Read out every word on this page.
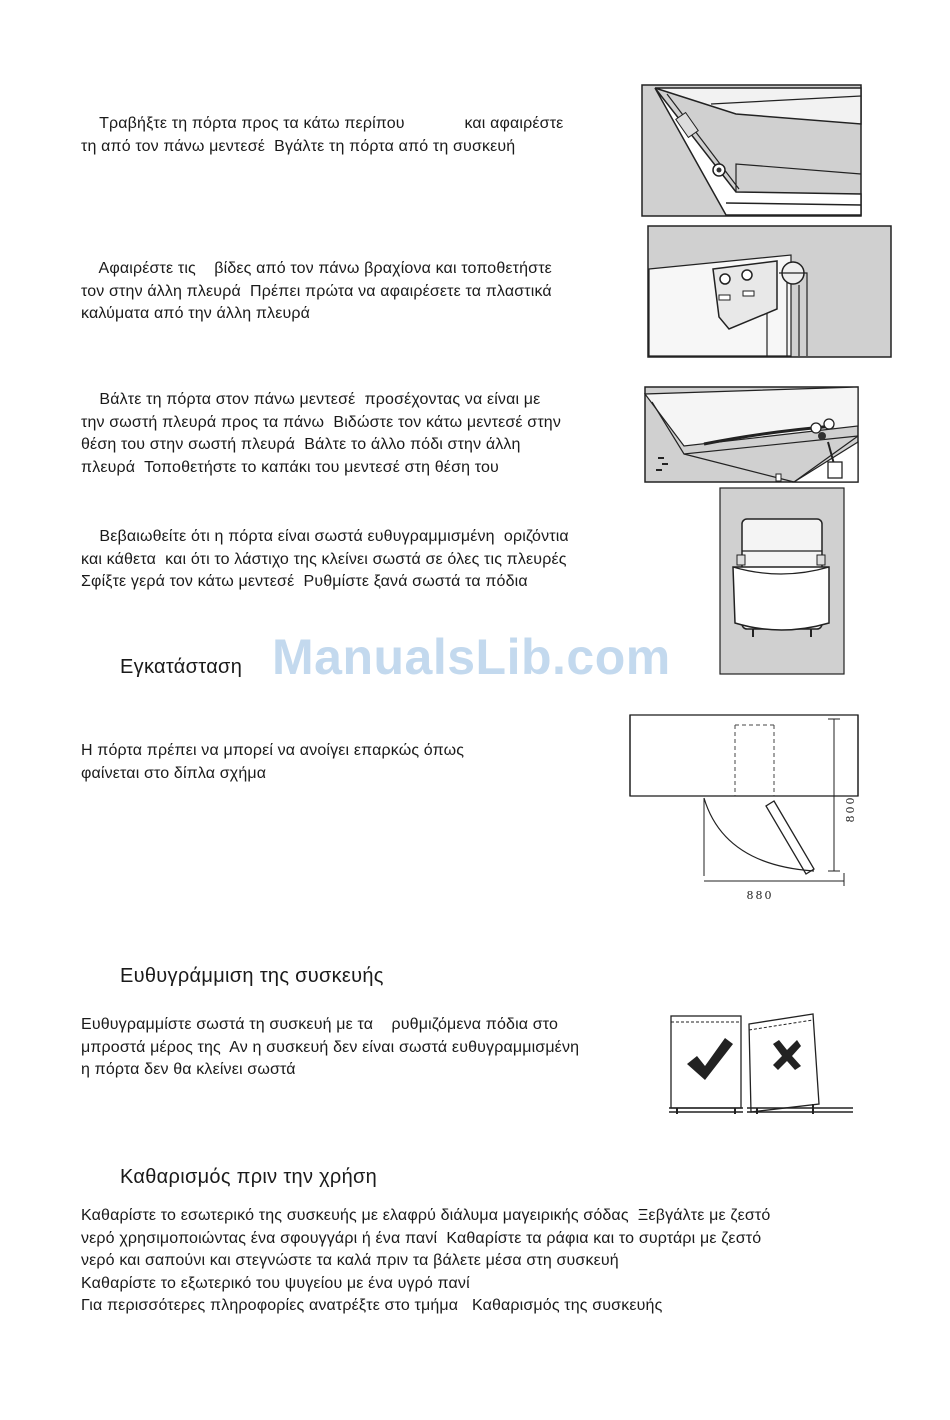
Τραβήξτε τη πόρτα προς τα κάτω περίπου             και αφαιρέστε
τη από τον πάνω μεντεσέ  Βγάλτε τη πόρτα από τη συσκευή
Αφαιρέστε τις    βίδες από τον πάνω βραχίονα και τοποθετήστε
τον στην άλλη πλευρά  Πρέπει πρώτα να αφαιρέσετε τα πλαστικά
καλύματα από την άλλη πλευρά
Βάλτε τη πόρτα στον πάνω μεντεσέ  προσέχοντας να είναι με
την σωστή πλευρά προς τα πάνω  Βιδώστε τον κάτω μεντεσέ στην
θέση του στην σωστή πλευρά  Βάλτε το άλλο πόδι στην άλλη
πλευρά  Τοποθετήστε το καπάκι του μεντεσέ στη θέση του
Βεβαιωθείτε ότι η πόρτα είναι σωστά ευθυγραμμισμένη  οριζόντια
και κάθετα  και ότι το λάστιχο της κλείνει σωστά σε όλες τις πλευρές
Σφίξτε γερά τον κάτω μεντεσέ  Ρυθμίστε ξανά σωστά τα πόδια
ManualsLib.com
Εγκατάσταση
Η πόρτα πρέπει να μπορεί να ανοίγει επαρκώς όπως
φαίνεται στο δίπλα σχήμα
800
880
Ευθυγράμμιση της συσκευής
Ευθυγραμμίστε σωστά τη συσκευή με τα    ρυθμιζόμενα πόδια στο
μπροστά μέρος της  Αν η συσκευή δεν είναι σωστά ευθυγραμμισμένη
η πόρτα δεν θα κλείνει σωστά
Καθαρισμός πριν την χρήση
Καθαρίστε το εσωτερικό της συσκευής με ελαφρύ διάλυμα μαγειρικής σόδας  Ξεβγάλτε με ζεστό
νερό χρησιμοποιώντας ένα σφουγγάρι ή ένα πανί  Καθαρίστε τα ράφια και το συρτάρι με ζεστό
νερό και σαπούνι και στεγνώστε τα καλά πριν τα βάλετε μέσα στη συσκευή
Καθαρίστε το εξωτερικό του ψυγείου με ένα υγρό πανί
Για περισσότερες πληροφορίες ανατρέξτε στο τμήμα   Καθαρισμός της συσκευής
